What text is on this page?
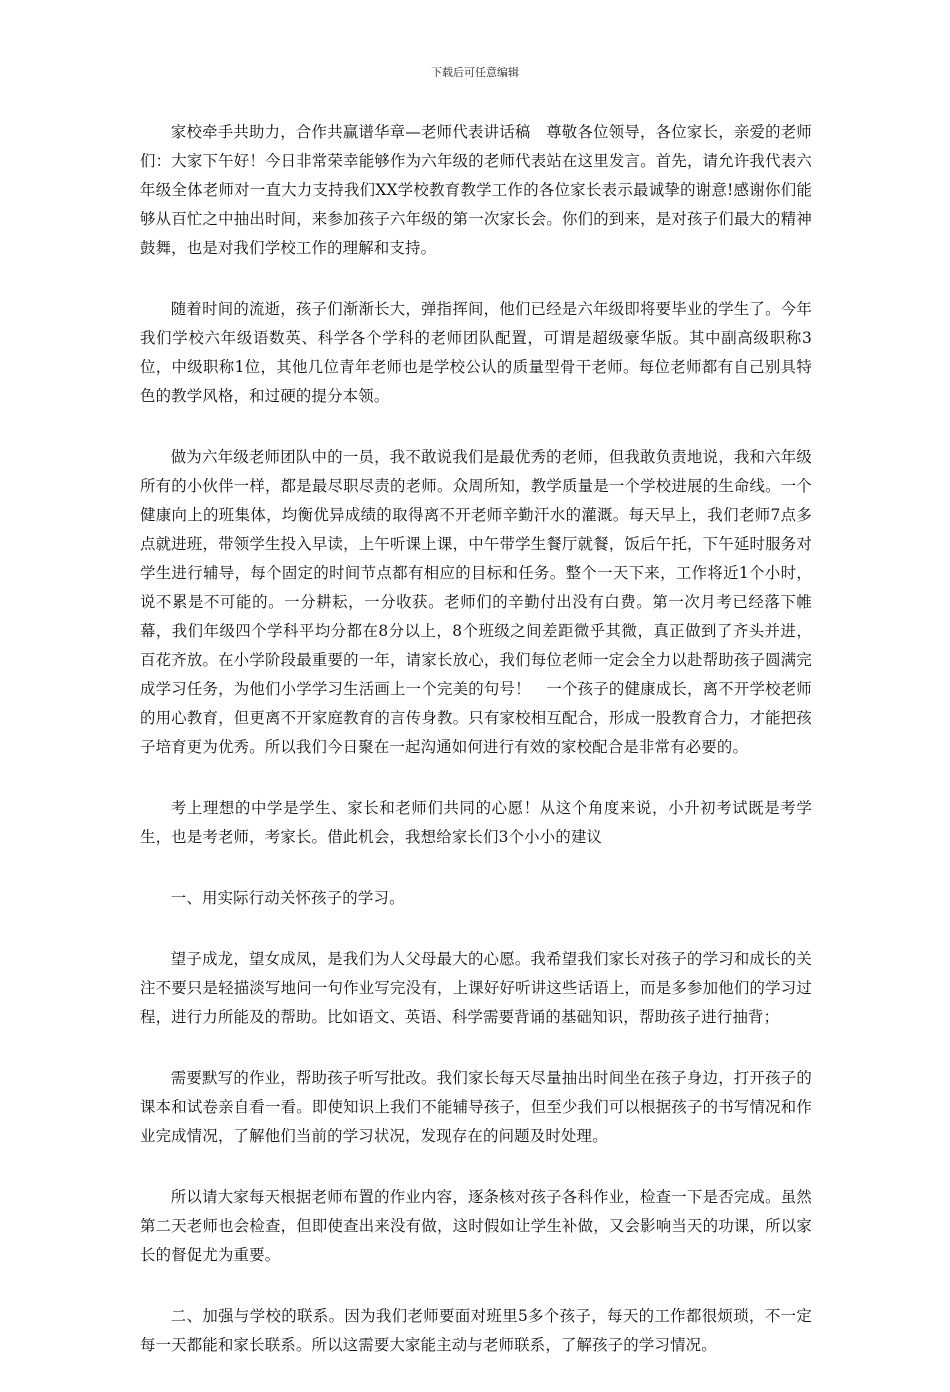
下载后可任意编辑

家校牵手共助力，合作共赢谱华章—老师代表讲话稿　尊敬各位领导，各位家长，亲爱的老师们：大家下午好！今日非常荣幸能够作为六年级的老师代表站在这里发言。首先，请允许我代表六年级全体老师对一直大力支持我们XX学校教育教学工作的各位家长表示最诚挚的谢意!感谢你们能够从百忙之中抽出时间，来参加孩子六年级的第一次家长会。你们的到来，是对孩子们最大的精神鼓舞，也是对我们学校工作的理解和支持。

随着时间的流逝，孩子们渐渐长大，弹指挥间，他们已经是六年级即将要毕业的学生了。今年我们学校六年级语数英、科学各个学科的老师团队配置，可谓是超级豪华版。其中副高级职称3位，中级职称1位，其他几位青年老师也是学校公认的质量型骨干老师。每位老师都有自己别具特色的教学风格，和过硬的提分本领。

做为六年级老师团队中的一员，我不敢说我们是最优秀的老师，但我敢负责地说，我和六年级所有的小伙伴一样，都是最尽职尽责的老师。众周所知，教学质量是一个学校进展的生命线。一个健康向上的班集体，均衡优异成绩的取得离不开老师辛勤汗水的灌溉。每天早上，我们老师7点多点就进班，带领学生投入早读，上午听课上课，中午带学生餐厅就餐，饭后午托，下午延时服务对学生进行辅导，每个固定的时间节点都有相应的目标和任务。整个一天下来，工作将近1个小时，说不累是不可能的。一分耕耘，一分收获。老师们的辛勤付出没有白费。第一次月考已经落下帷幕，我们年级四个学科平均分都在8分以上，8个班级之间差距微乎其微，真正做到了齐头并进，百花齐放。在小学阶段最重要的一年，请家长放心，我们每位老师一定会全力以赴帮助孩子圆满完成学习任务，为他们小学学习生活画上一个完美的句号！　一个孩子的健康成长，离不开学校老师的用心教育，但更离不开家庭教育的言传身教。只有家校相互配合，形成一股教育合力，才能把孩子培育更为优秀。所以我们今日聚在一起沟通如何进行有效的家校配合是非常有必要的。

考上理想的中学是学生、家长和老师们共同的心愿！从这个角度来说，小升初考试既是考学生，也是考老师，考家长。借此机会，我想给家长们3个小小的建议

一、用实际行动关怀孩子的学习。

望子成龙，望女成凤，是我们为人父母最大的心愿。我希望我们家长对孩子的学习和成长的关注不要只是轻描淡写地问一句作业写完没有，上课好好听讲这些话语上，而是多参加他们的学习过程，进行力所能及的帮助。比如语文、英语、科学需要背诵的基础知识，帮助孩子进行抽背；

需要默写的作业，帮助孩子听写批改。我们家长每天尽量抽出时间坐在孩子身边，打开孩子的课本和试卷亲自看一看。即使知识上我们不能辅导孩子，但至少我们可以根据孩子的书写情况和作业完成情况，了解他们当前的学习状况，发现存在的问题及时处理。

所以请大家每天根据老师布置的作业内容，逐条核对孩子各科作业，检查一下是否完成。虽然第二天老师也会检查，但即使查出来没有做，这时假如让学生补做，又会影响当天的功课，所以家长的督促尤为重要。

二、加强与学校的联系。因为我们老师要面对班里5多个孩子，每天的工作都很烦琐，不一定每一天都能和家长联系。所以这需要大家能主动与老师联系，了解孩子的学习情况。
